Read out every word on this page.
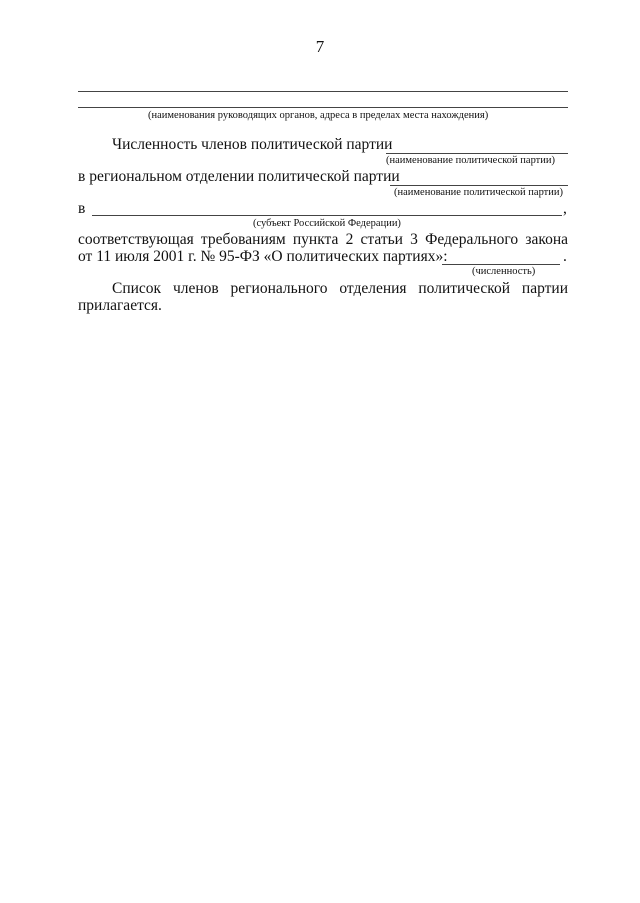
7
(наименования руководящих органов, адреса в пределах места нахождения)
Численность членов политической партии
(наименование политической партии)
в региональном отделении политической партии
(наименование политической партии)
в	,
(субъект Российской Федерации)
соответствующая требованиям пункта 2 статьи 3 Федерального закона
от 11 июля 2001 г. № 95-ФЗ «О политических партиях»:	.
(численность)
Список членов регионального отделения политической партии
прилагается.
